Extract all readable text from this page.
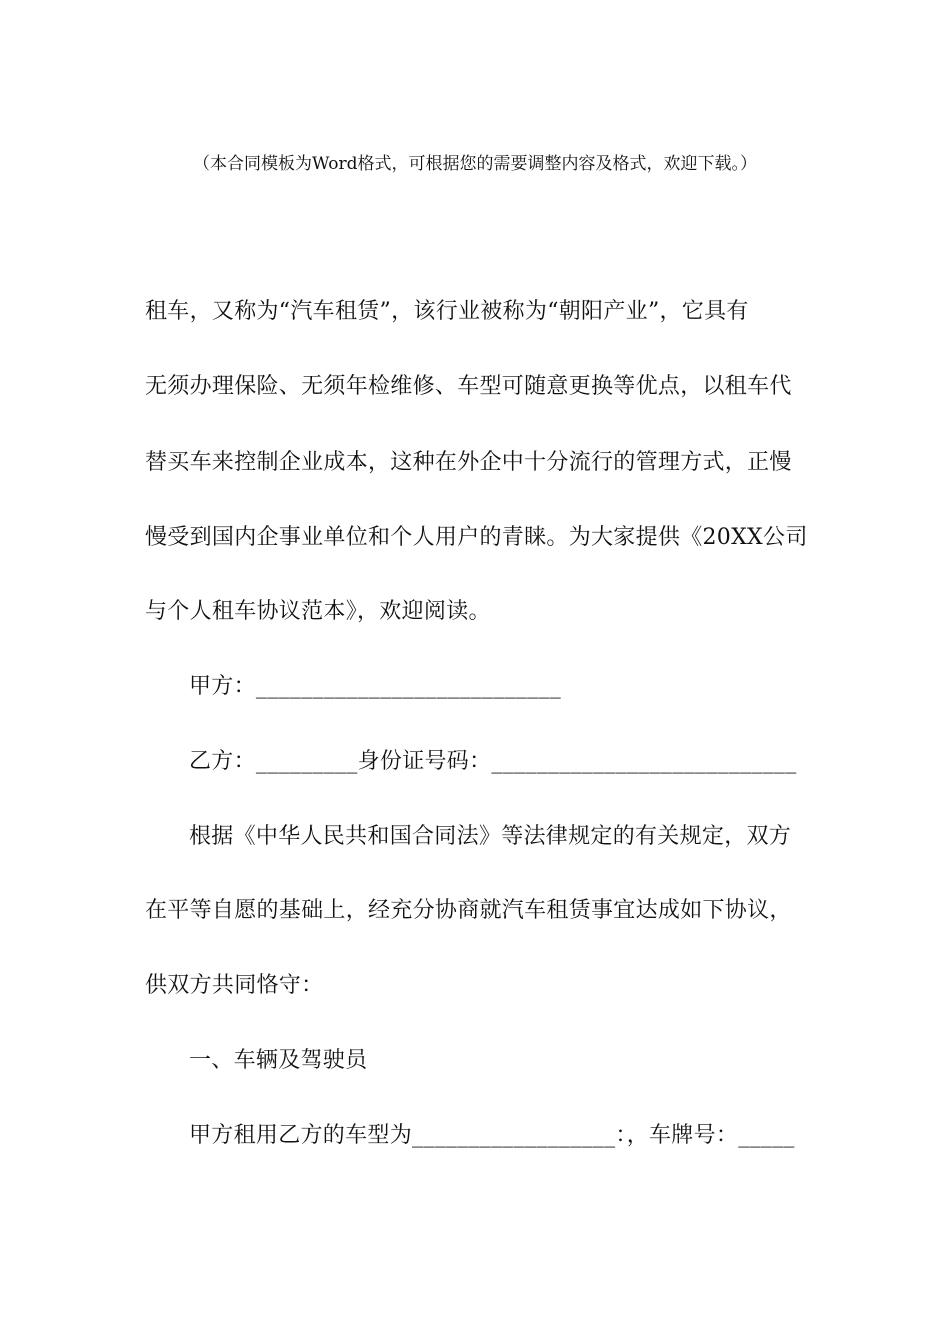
（本合同模板为Word格式，可根据您的需要调整内容及格式，欢迎下载。）
租车，又称为“汽车租赁”，该行业被称为“朝阳产业”，它具有
无须办理保险、无须年检维修、车型可随意更换等优点，以租车代
替买车来控制企业成本，这种在外企中十分流行的管理方式，正慢
慢受到国内企事业单位和个人用户的青睐。为大家提供《20XX公司
与个人租车协议范本》，欢迎阅读。
甲方：___________________________
乙方：_________身份证号码：___________________________
根据《中华人民共和国合同法》等法律规定的有关规定，双方
在平等自愿的基础上，经充分协商就汽车租赁事宜达成如下协议，
供双方共同恪守：
一、车辆及驾驶员
甲方租用乙方的车型为__________________：，车牌号：_____
